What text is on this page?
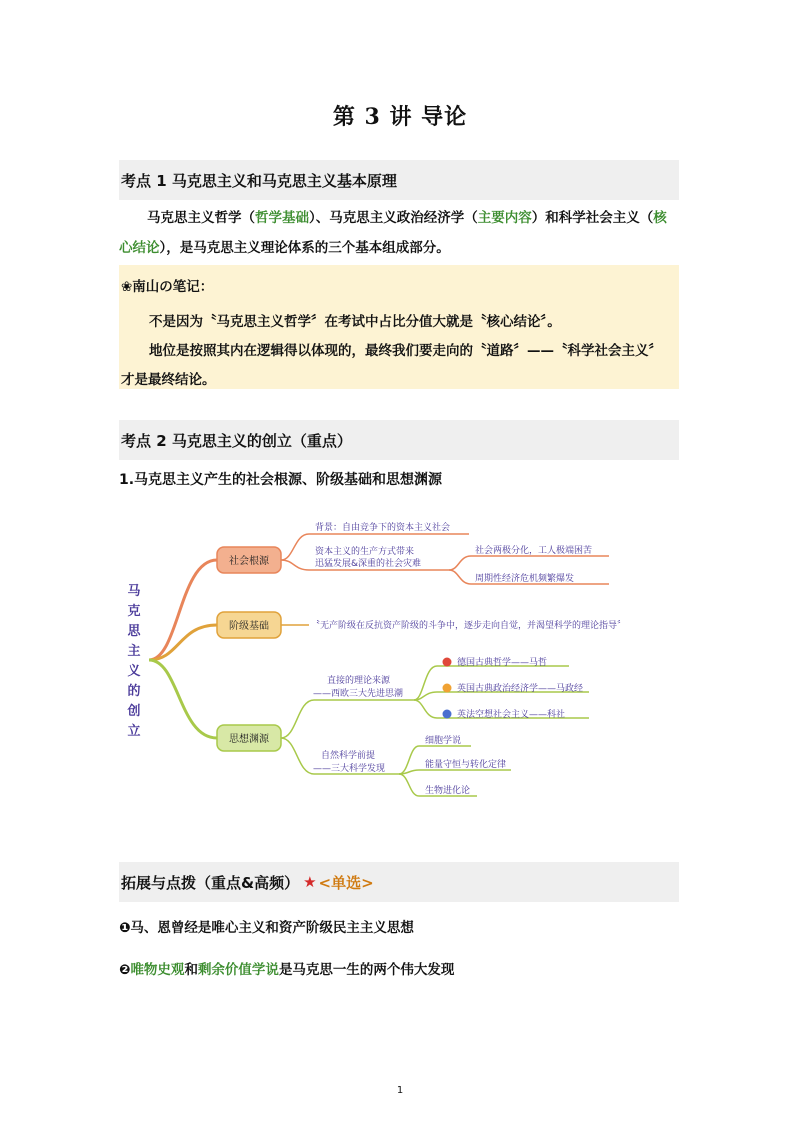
第 3 讲 导论
考点 1 马克思主义和马克思主义基本原理
马克思主义哲学（哲学基础）、马克思主义政治经济学（主要内容）和科学社会主义（核
心结论），是马克思主义理论体系的三个基本组成部分。
❀南山の笔记：
不是因为〝马克思主义哲学〞在考试中占比分值大就是〝核心结论〞。
地位是按照其内在逻辑得以体现的，最终我们要走向的〝道路〞——〝科学社会主义〞
才是最终结论。
考点 2 马克思主义的创立（重点）
1.马克思主义产生的社会根源、阶级基础和思想渊源
马
克
思
主
义
的
创
立
社会根源
背景：自由竞争下的资本主义社会
资本主义的生产方式带来
迅猛发展&深重的社会灾难
社会两极分化，工人极端困苦
周期性经济危机频繁爆发
阶级基础	〝无产阶级在反抗资产阶级的斗争中，逐步走向自觉，并渴望科学的理论指导〞
思想渊源
直接的理论来源
——西欧三大先进思潮
德国古典哲学——马哲
英国古典政治经济学——马政经
英法空想社会主义——科社
自然科学前提
——三大科学发现
细胞学说
能量守恒与转化定律
生物进化论
拓展与点拨（重点&高频） ★ <单选>
❶马、恩曾经是唯心主义和资产阶级民主主义思想
❷唯物史观和剩余价值学说是马克思一生的两个伟大发现
1
